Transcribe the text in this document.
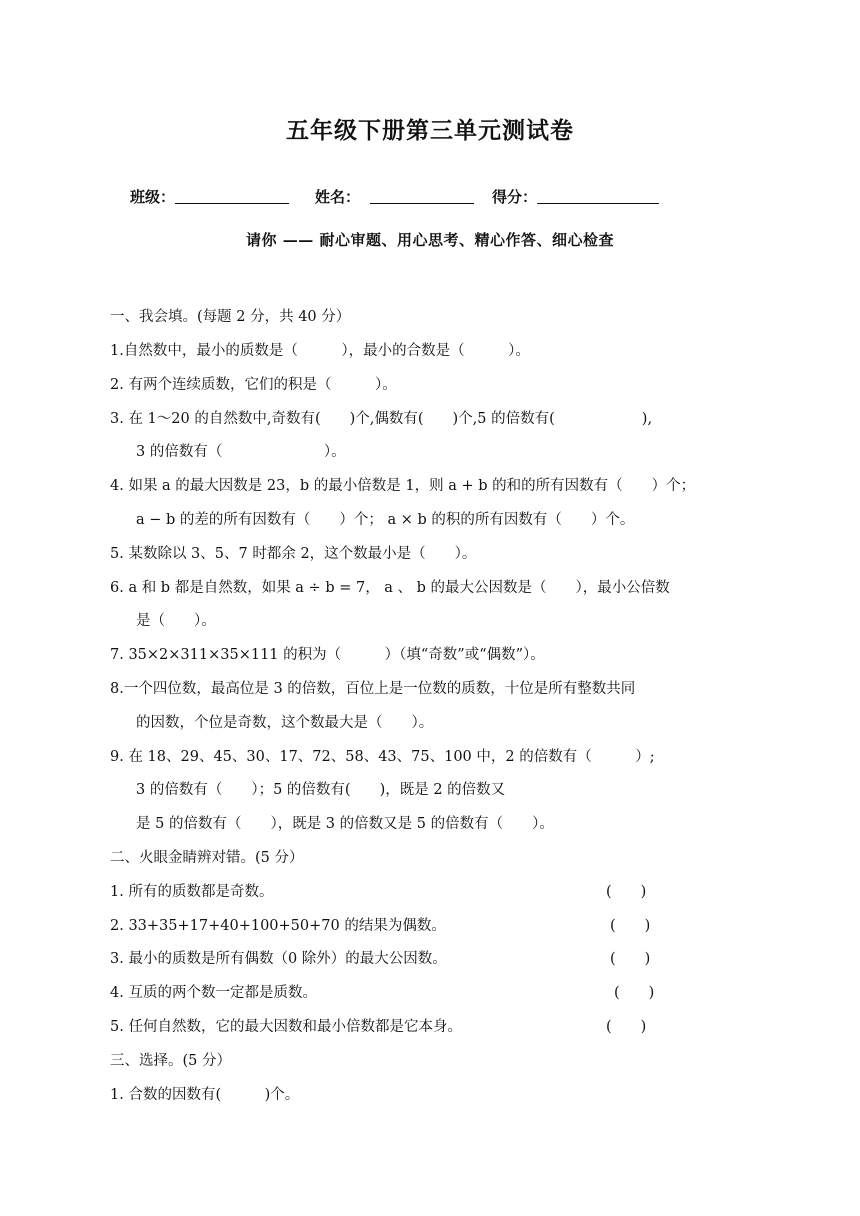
五年级下册第三单元测试卷
班级：	姓名：	得分：
请你 —— 耐心审题、用心思考、精心作答、细心检查
一、我会填。(每题 2 分，共 40 分）
1.自然数中，最小的质数是（　　　），最小的合数是（　　　）。
2. 有两个连续质数，它们的积是（　　　）。
3. 在 1～20 的自然数中,奇数有(　　)个,偶数有(　　)个,5 的倍数有(　　　　　　),
3 的倍数有（　　　　　　　）。
4. 如果 a 的最大因数是 23，b 的最小倍数是 1，则 a + b 的和的所有因数有（　　）个；
a − b 的差的所有因数有（　　）个； a × b 的积的所有因数有（　　）个。
5. 某数除以 3、5、7 时都余 2，这个数最小是（　　）。
6. a 和 b 都是自然数，如果 a ÷ b = 7， a 、 b 的最大公因数是（　　），最小公倍数
是（　　）。
7. 35×2×311×35×111 的积为（　　　）（填“奇数”或“偶数”）。
8.一个四位数，最高位是 3 的倍数，百位上是一位数的质数，十位是所有整数共同
的因数，个位是奇数，这个数最大是（　　）。
9. 在 18、29、45、30、17、72、58、43、75、100 中，2 的倍数有（　　　）;
3 的倍数有（　　）；5 的倍数有(　　)，既是 2 的倍数又
是 5 的倍数有（　　），既是 3 的倍数又是 5 的倍数有（　　）。
二、火眼金睛辨对错。(5 分）
1. 所有的质数都是奇数。	(　　)
2. 33+35+17+40+100+50+70 的结果为偶数。	(　　)
3. 最小的质数是所有偶数（0 除外）的最大公因数。	(　　)
4. 互质的两个数一定都是质数。	(　　)
5. 任何自然数，它的最大因数和最小倍数都是它本身。	(　　)
三、选择。(5 分）
1. 合数的因数有(　　　)个。
